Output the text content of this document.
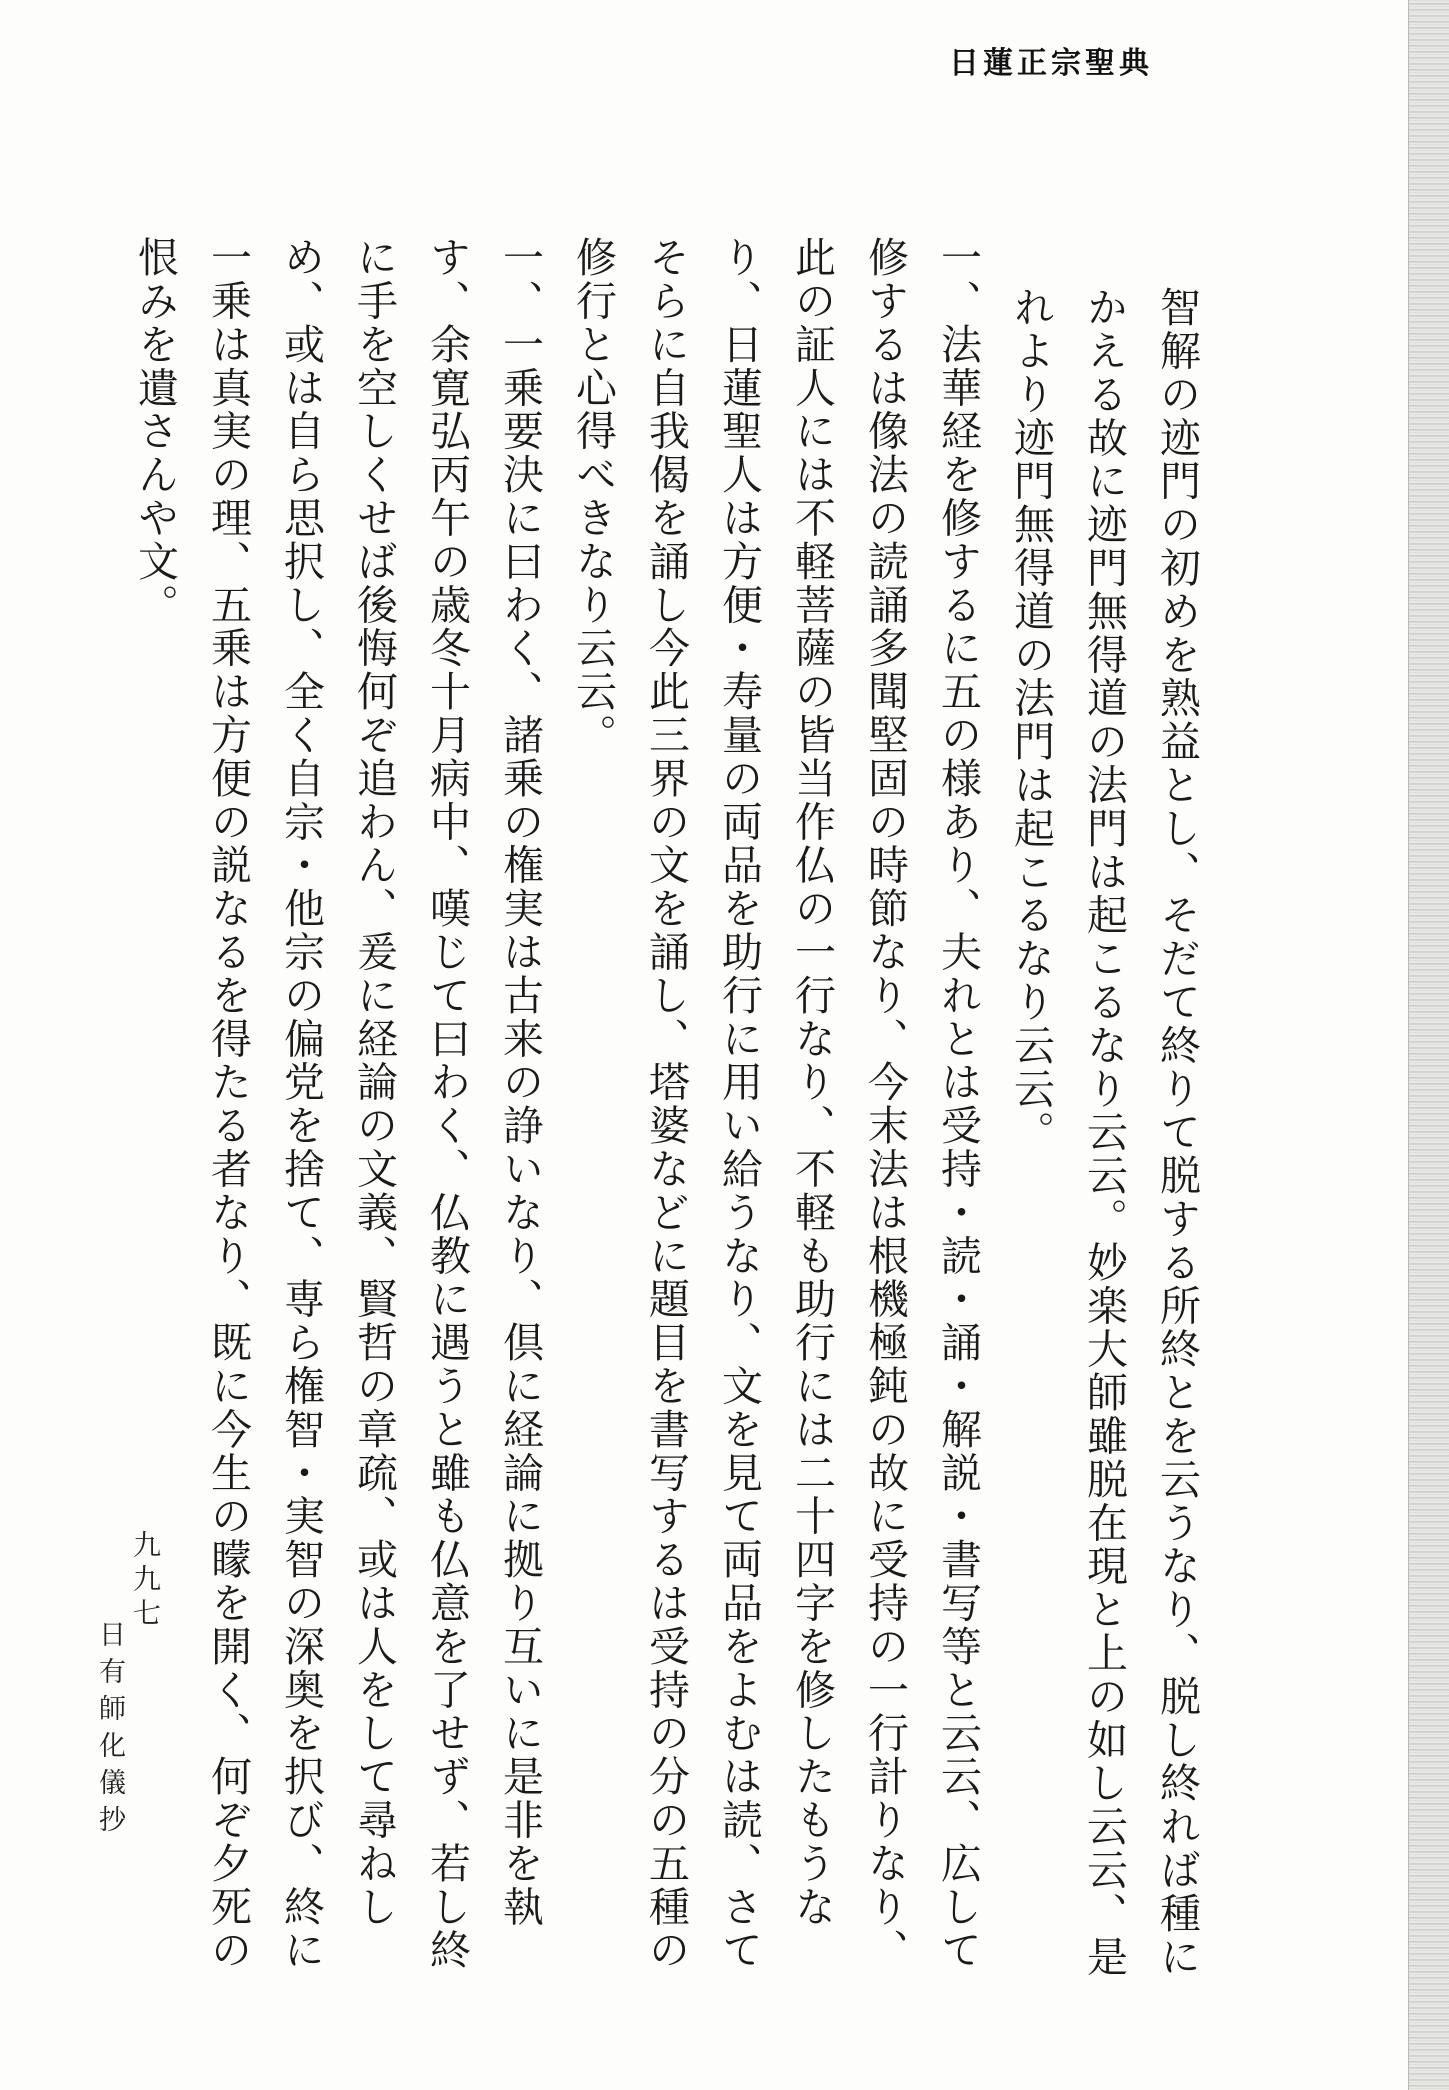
日蓮正宗聖典

智解の迹門の初めを熟益とし、そだて終りて脱する所終とを云うなり、脱し終れば種にかえる故に迹門無得道の法門は起こるなり云云。妙楽大師雖脱在現と上の如し云云、是れより迹門無得道の法門は起こるなり云云。

一、法華経を修するに五の様あり、夫れとは受持・読・誦・解説・書写等と云云、広して修するは像法の読誦多聞堅固の時節なり、今末法は根機極鈍の故に受持の一行計りなり、此の証人には不軽菩薩の皆当作仏の一行なり、不軽も助行には二十四字を修したもうなり、日蓮聖人は方便・寿量の両品を助行に用い給うなり、文を見て両品をよむは読、さてそらに自我偈を誦し今此三界の文を誦し、塔婆などに題目を書写するは受持の分の五種の修行と心得べきなり云云。

一、一乗要決に曰わく、諸乗の権実は古来の諍いなり、倶に経論に拠り互いに是非を執す、余寛弘丙午の歳冬十月病中、嘆じて曰わく、仏教に遇うと雖も仏意を了せず、若し終に手を空しくせば後悔何ぞ追わん、爰に経論の文義、賢哲の章疏、或は人をして尋ねしめ、或は自ら思択し、全く自宗・他宗の偏党を捨て、専ら権智・実智の深奥を択び、終に一乗は真実の理、五乗は方便の説なるを得たる者なり、既に今生の矇を開く、何ぞ夕死の恨みを遺さんや文。

九九七
日有師化儀抄
